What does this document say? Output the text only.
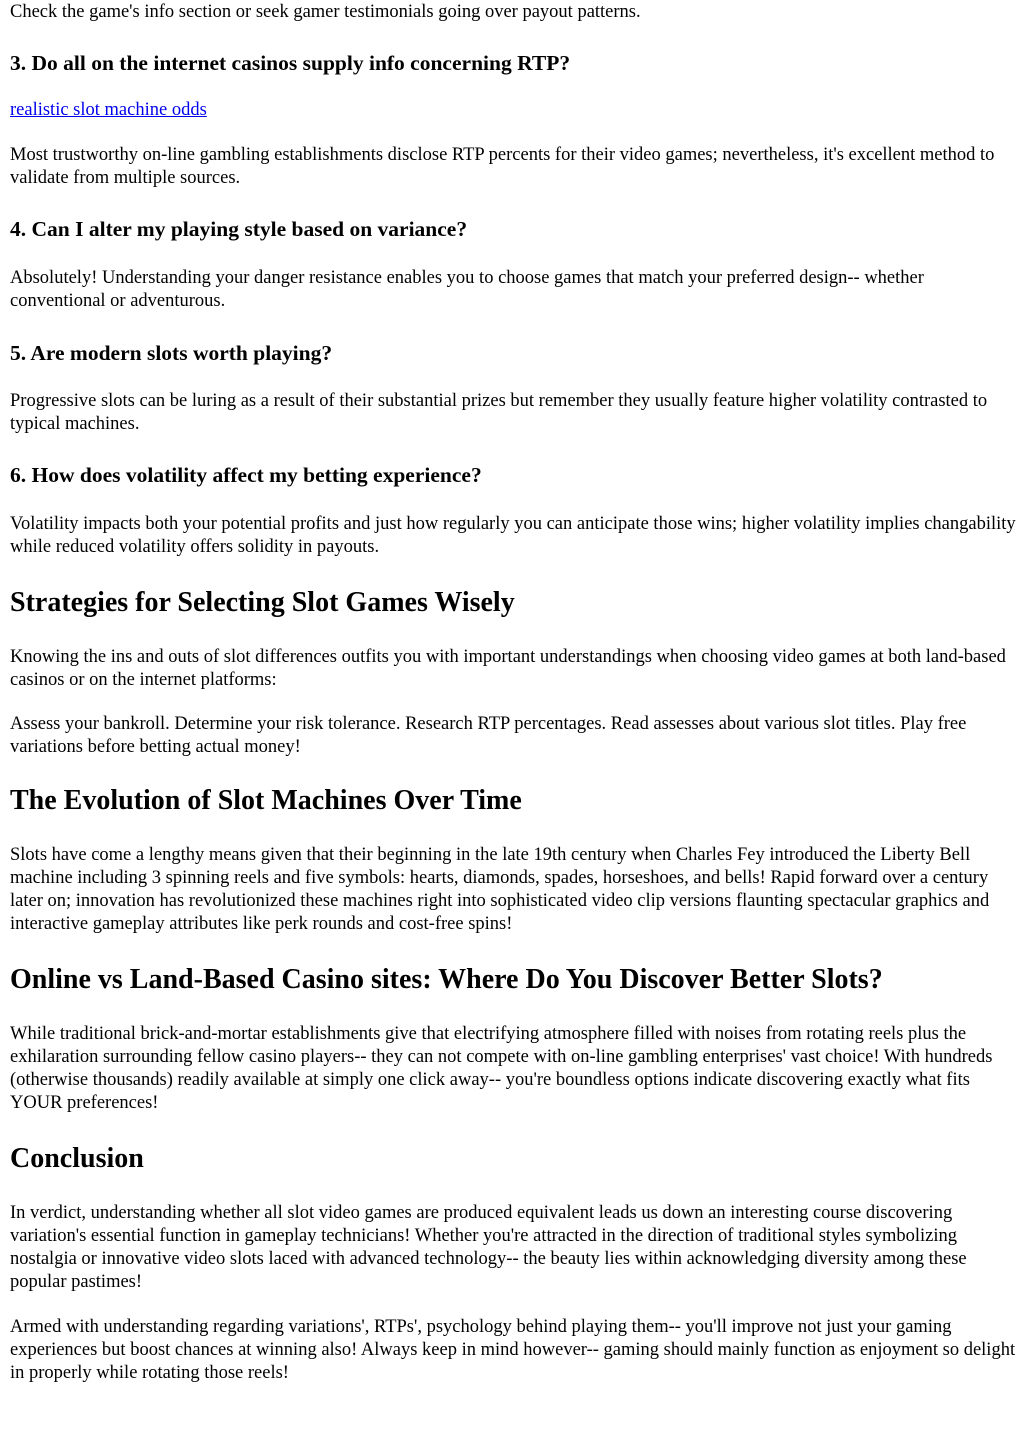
Check the game's info section or seek gamer testimonials going over payout patterns.

3. Do all on the internet casinos supply info concerning RTP?

realistic slot machine odds

Most trustworthy on-line gambling establishments disclose RTP percents for their video games; nevertheless, it's excellent method to validate from multiple sources.

4. Can I alter my playing style based on variance?

Absolutely! Understanding your danger resistance enables you to choose games that match your preferred design-- whether conventional or adventurous.

5. Are modern slots worth playing?

Progressive slots can be luring as a result of their substantial prizes but remember they usually feature higher volatility contrasted to typical machines.

6. How does volatility affect my betting experience?

Volatility impacts both your potential profits and just how regularly you can anticipate those wins; higher volatility implies changability while reduced volatility offers solidity in payouts.

Strategies for Selecting Slot Games Wisely

Knowing the ins and outs of slot differences outfits you with important understandings when choosing video games at both land-based casinos or on the internet platforms:

Assess your bankroll. Determine your risk tolerance. Research RTP percentages. Read assesses about various slot titles. Play free variations before betting actual money!

The Evolution of Slot Machines Over Time

Slots have come a lengthy means given that their beginning in the late 19th century when Charles Fey introduced the Liberty Bell machine including 3 spinning reels and five symbols: hearts, diamonds, spades, horseshoes, and bells! Rapid forward over a century later on; innovation has revolutionized these machines right into sophisticated video clip versions flaunting spectacular graphics and interactive gameplay attributes like perk rounds and cost-free spins!

Online vs Land-Based Casino sites: Where Do You Discover Better Slots?

While traditional brick-and-mortar establishments give that electrifying atmosphere filled with noises from rotating reels plus the exhilaration surrounding fellow casino players-- they can not compete with on-line gambling enterprises' vast choice! With hundreds (otherwise thousands) readily available at simply one click away-- you're boundless options indicate discovering exactly what fits YOUR preferences!

Conclusion

In verdict, understanding whether all slot video games are produced equivalent leads us down an interesting course discovering variation's essential function in gameplay technicians! Whether you're attracted in the direction of traditional styles symbolizing nostalgia or innovative video slots laced with advanced technology-- the beauty lies within acknowledging diversity among these popular pastimes!

Armed with understanding regarding variations', RTPs', psychology behind playing them-- you'll improve not just your gaming experiences but boost chances at winning also! Always keep in mind however-- gaming should mainly function as enjoyment so delight in properly while rotating those reels!
